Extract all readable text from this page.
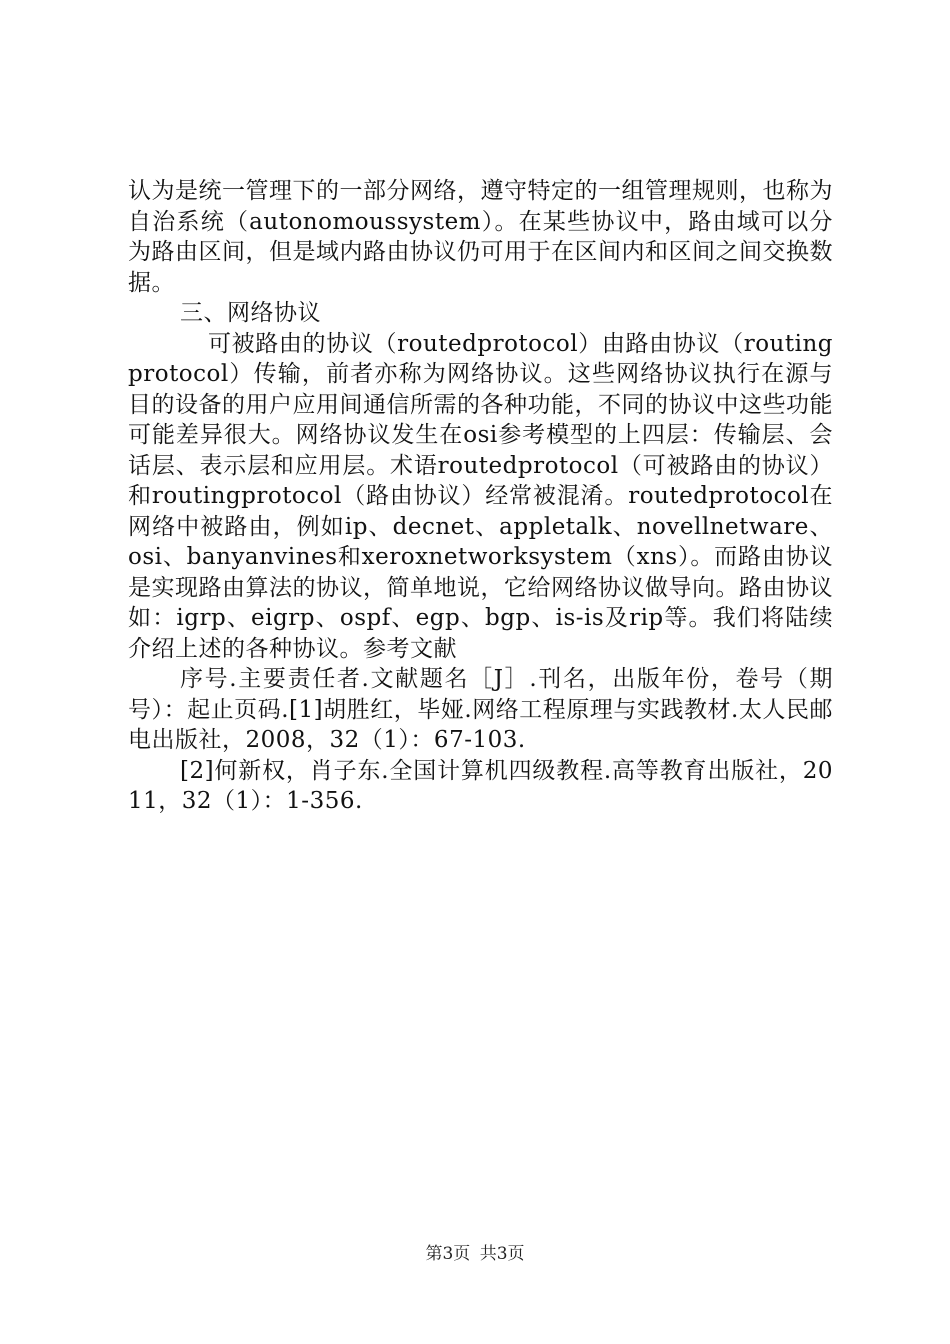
认为是统一管理下的一部分网络，遵守特定的一组管理规则，也称为自治系统（autonomoussystem）。在某些协议中，路由域可以分为路由区间，但是域内路由协议仍可用于在区间内和区间之间交换数据。

三、网络协议

可被路由的协议（routedprotocol）由路由协议（routingprotocol）传输，前者亦称为网络协议。这些网络协议执行在源与目的设备的用户应用间通信所需的各种功能，不同的协议中这些功能可能差异很大。网络协议发生在osi参考模型的上四层：传输层、会话层、表示层和应用层。术语routedprotocol（可被路由的协议）和routingprotocol（路由协议）经常被混淆。routedprotocol在网络中被路由，例如ip、decnet、appletalk、novellnetware、osi、banyanvines和xeroxnetworksystem（xns）。而路由协议是实现路由算法的协议，简单地说，它给网络协议做导向。路由协议如：igrp、eigrp、ospf、egp、bgp、is-is及rip等。我们将陆续介绍上述的各种协议。参考文献

序号.主要责任者.文献题名［J］.刊名，出版年份，卷号（期号）：起止页码.[1]胡胜红，毕娅.网络工程原理与实践教材.太人民邮电出版社，2008，32（1）：67-103.

[2]何新权，肖子东.全国计算机四级教程.高等教育出版社，2011，32（1）：1-356.

第3页 共3页
